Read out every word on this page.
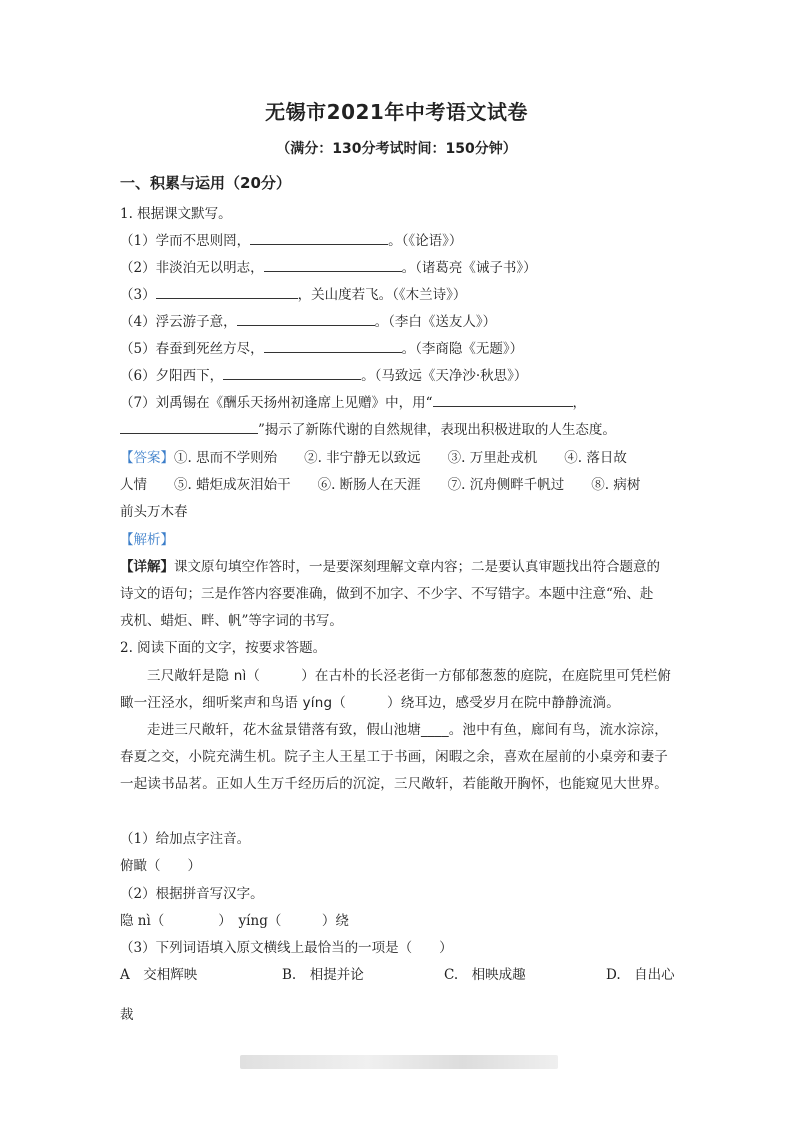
无锡市2021年中考语文试卷
（满分：130分考试时间：150分钟）
一、积累与运用（20分）
1. 根据课文默写。
（1）学而不思则罔，	。（《论语》）
（2）非淡泊无以明志，	。（诸葛亮《诫子书》）
（3）	，关山度若飞。（《木兰诗》）
（4）浮云游子意，	。（李白《送友人》）
（5）春蚕到死丝方尽，	。（李商隐《无题》）
（6）夕阳西下，	。（马致远《天净沙·秋思》）
（7）刘禹锡在《酬乐天扬州初逢席上见赠》中，用“	，
”揭示了新陈代谢的自然规律，表现出积极进取的人生态度。
【答案】①. 思而不学则殆　　②. 非宁静无以致远　　③. 万里赴戎机　　④. 落日故
人情　　⑤. 蜡炬成灰泪始干　　⑥. 断肠人在天涯　　⑦. 沉舟侧畔千帆过　　⑧. 病树
前头万木春
【解析】
【详解】课文原句填空作答时，一是要深刻理解文章内容；二是要认真审题找出符合题意的
诗文的语句；三是作答内容要准确，做到不加字、不少字、不写错字。本题中注意“殆、赴
戎机、蜡炬、畔、帆”等字词的书写。
2. 阅读下面的文字，按要求答题。
三尺敞轩是隐 nì（　　　）在古朴的长泾老街一方郁郁葱葱的庭院，在庭院里可凭栏俯
瞰一汪泾水，细听桨声和鸟语 yíng（　　　）绕耳边，感受岁月在院中静静流淌。
走进三尺敞轩，花木盆景错落有致，假山池塘____。池中有鱼，廊间有鸟，流水淙淙，
春夏之交，小院充满生机。院子主人王星工于书画，闲暇之余，喜欢在屋前的小桌旁和妻子
一起读书品茗。正如人生万千经历后的沉淀，三尺敞轩，若能敞开胸怀，也能窥见大世界。
（1）给加点字注音。
俯瞰（　　）
（2）根据拼音写汉字。
隐 nì（　　　　）　yíng（　　　）绕
（3）下列词语填入原文横线上最恰当的一项是（　　）
A　交相辉映	B.　相提并论	C.　相映成趣	D.　自出心
裁
